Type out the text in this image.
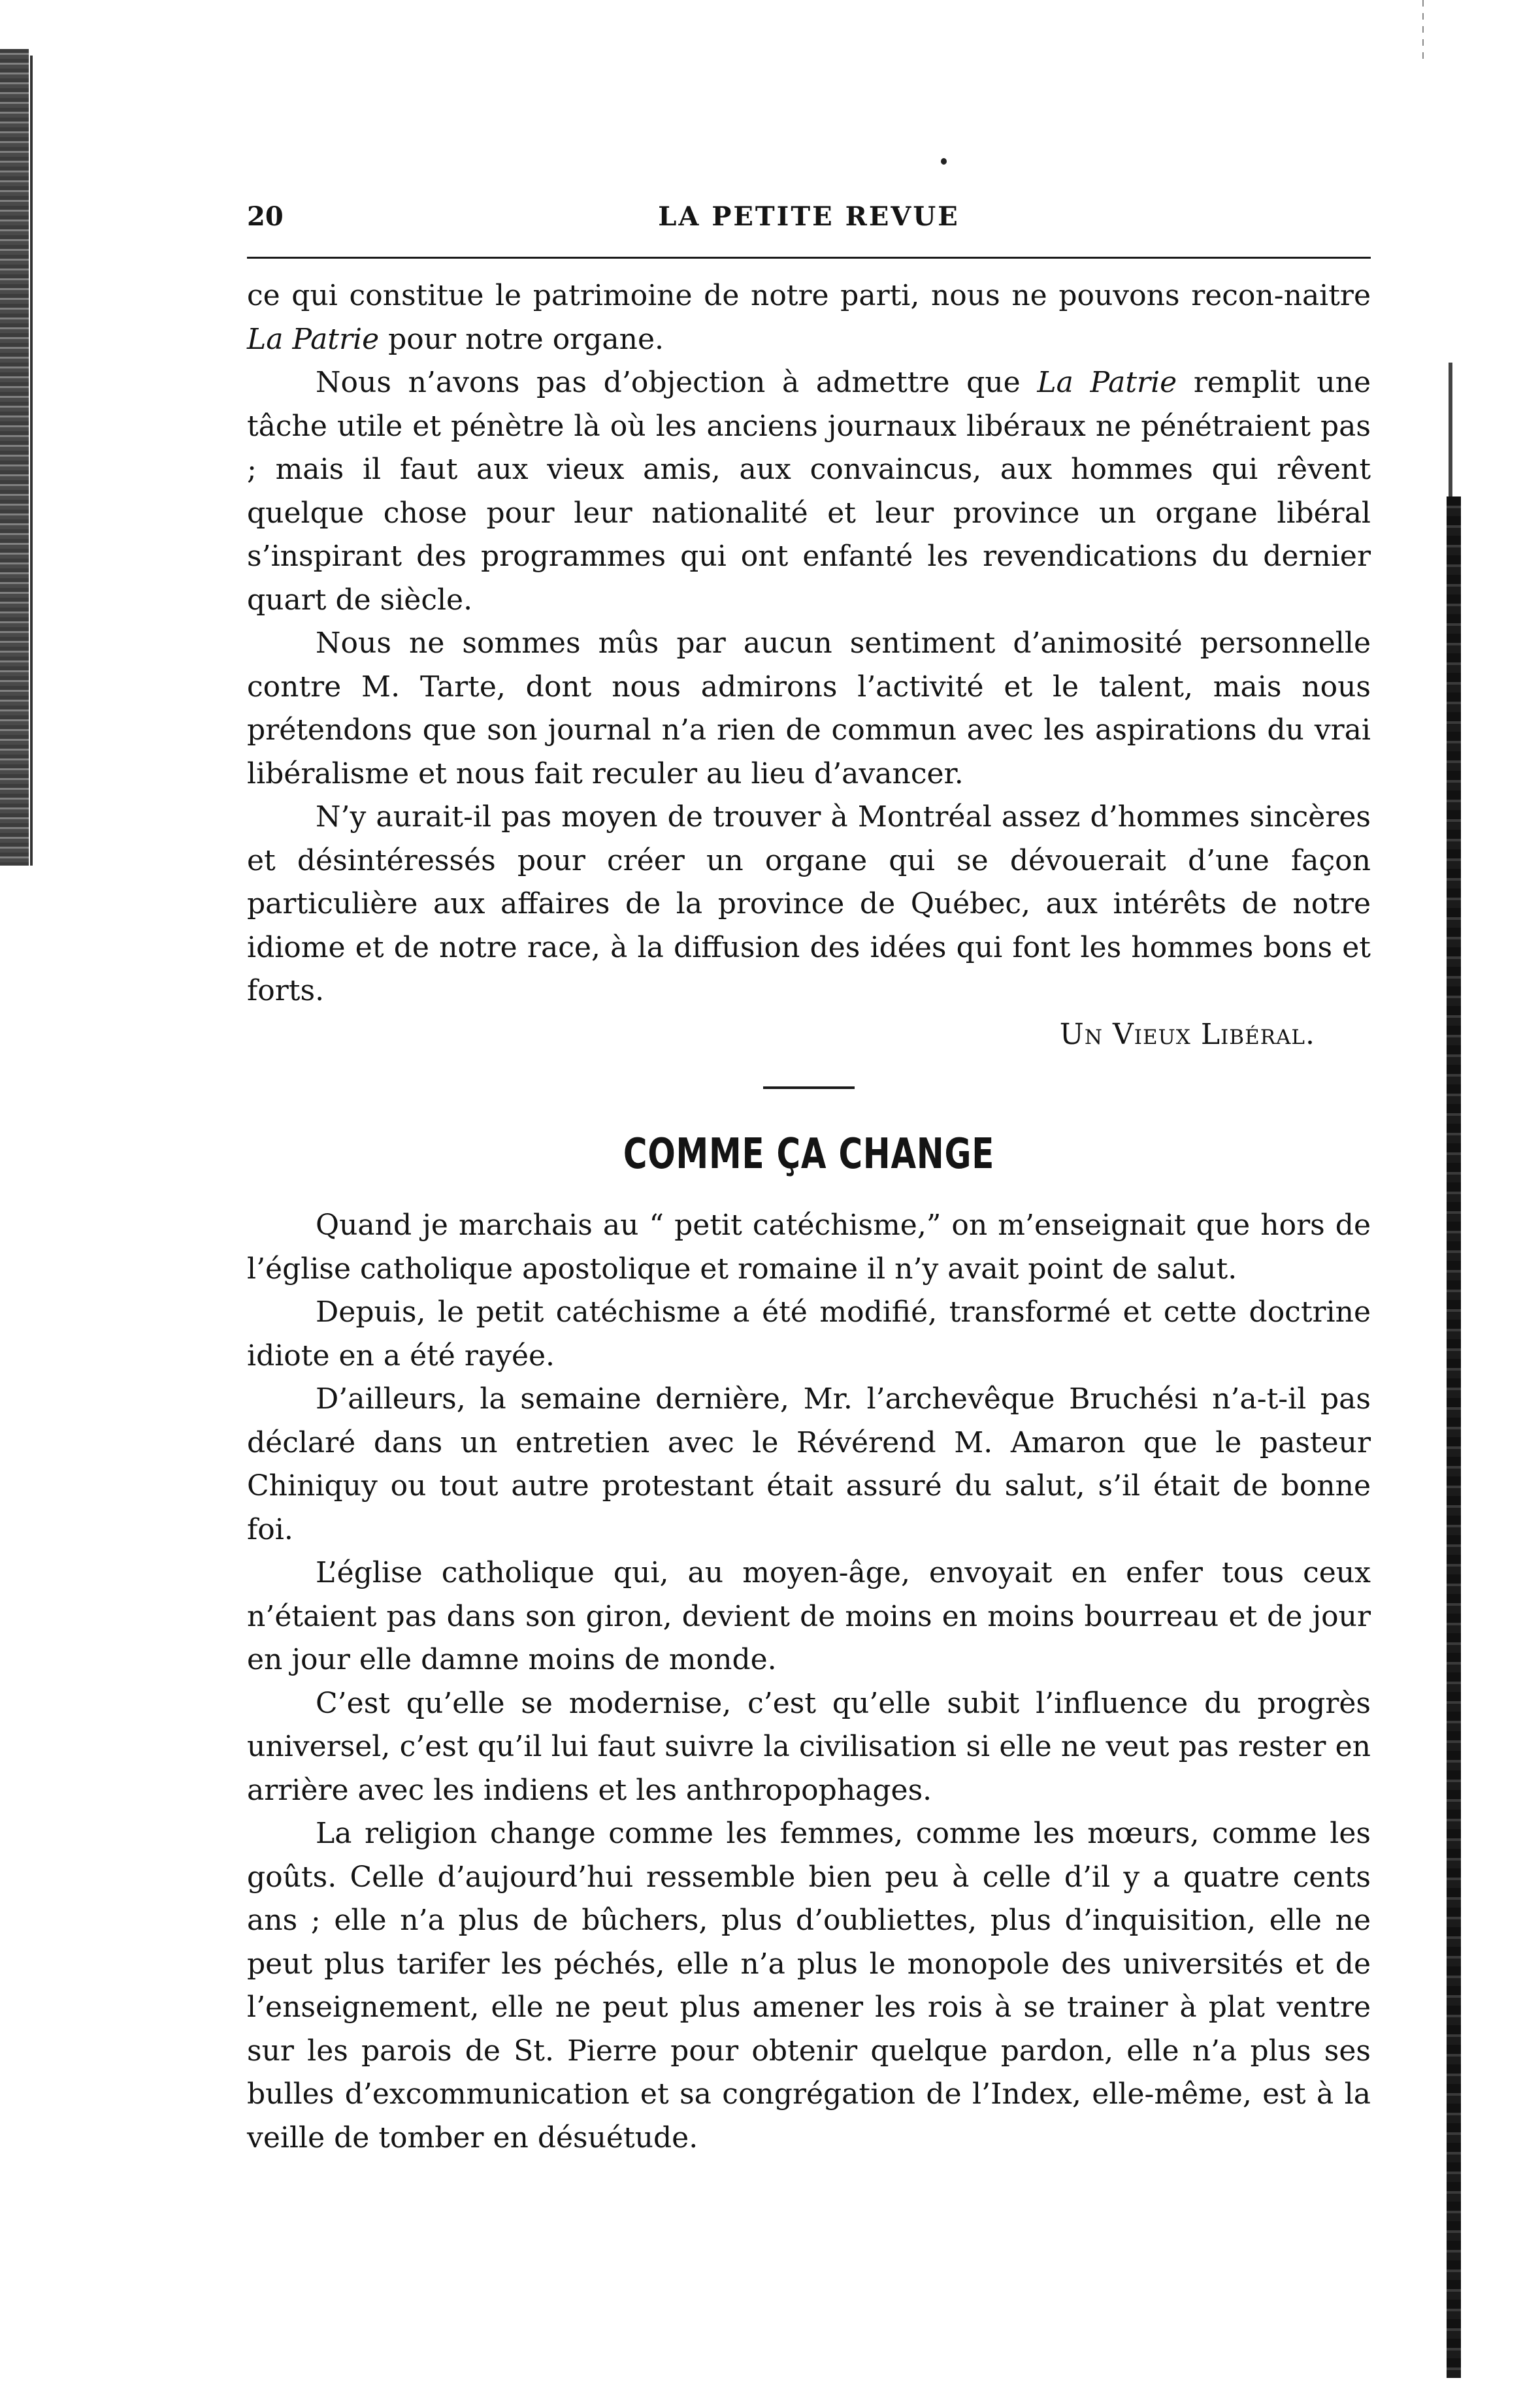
20	LA PETITE REVUE

ce qui constitue le patrimoine de notre parti, nous ne pouvons recon-naitre La Patrie pour notre organe.

Nous n’avons pas d’objection à admettre que La Patrie remplit une tâche utile et pénètre là où les anciens journaux libéraux ne pénétraient pas ; mais il faut aux vieux amis, aux convaincus, aux hommes qui rêvent quelque chose pour leur nationalité et leur province un organe libéral s’inspirant des programmes qui ont enfanté les revendications du dernier quart de siècle.

Nous ne sommes mûs par aucun sentiment d’animosité personnelle contre M. Tarte, dont nous admirons l’activité et le talent, mais nous prétendons que son journal n’a rien de commun avec les aspirations du vrai libéralisme et nous fait reculer au lieu d’avancer.

N’y aurait-il pas moyen de trouver à Montréal assez d’hommes sincères et désintéressés pour créer un organe qui se dévouerait d’une façon particulière aux affaires de la province de Québec, aux intérêts de notre idiome et de notre race, à la diffusion des idées qui font les hommes bons et forts.

Un Vieux Libéral.

COMME ÇA CHANGE

Quand je marchais au “ petit catéchisme,” on m’enseignait que hors de l’église catholique apostolique et romaine il n’y avait point de salut.

Depuis, le petit catéchisme a été modifié, transformé et cette doctrine idiote en a été rayée.

D’ailleurs, la semaine dernière, Mr. l’archevêque Bruchési n’a-t-il pas déclaré dans un entretien avec le Révérend M. Amaron que le pasteur Chiniquy ou tout autre protestant était assuré du salut, s’il était de bonne foi.

L’église catholique qui, au moyen-âge, envoyait en enfer tous ceux n’étaient pas dans son giron, devient de moins en moins bourreau et de jour en jour elle damne moins de monde.

C’est qu’elle se modernise, c’est qu’elle subit l’influence du progrès universel, c’est qu’il lui faut suivre la civilisation si elle ne veut pas rester en arrière avec les indiens et les anthropophages.

La religion change comme les femmes, comme les mœurs, comme les goûts. Celle d’aujourd’hui ressemble bien peu à celle d’il y a quatre cents ans ; elle n’a plus de bûchers, plus d’oubliettes, plus d’inquisition, elle ne peut plus tarifer les péchés, elle n’a plus le monopole des universités et de l’enseignement, elle ne peut plus amener les rois à se trainer à plat ventre sur les parois de St. Pierre pour obtenir quelque pardon, elle n’a plus ses bulles d’excommunication et sa congrégation de l’Index, elle-même, est à la veille de tomber en désuétude.
